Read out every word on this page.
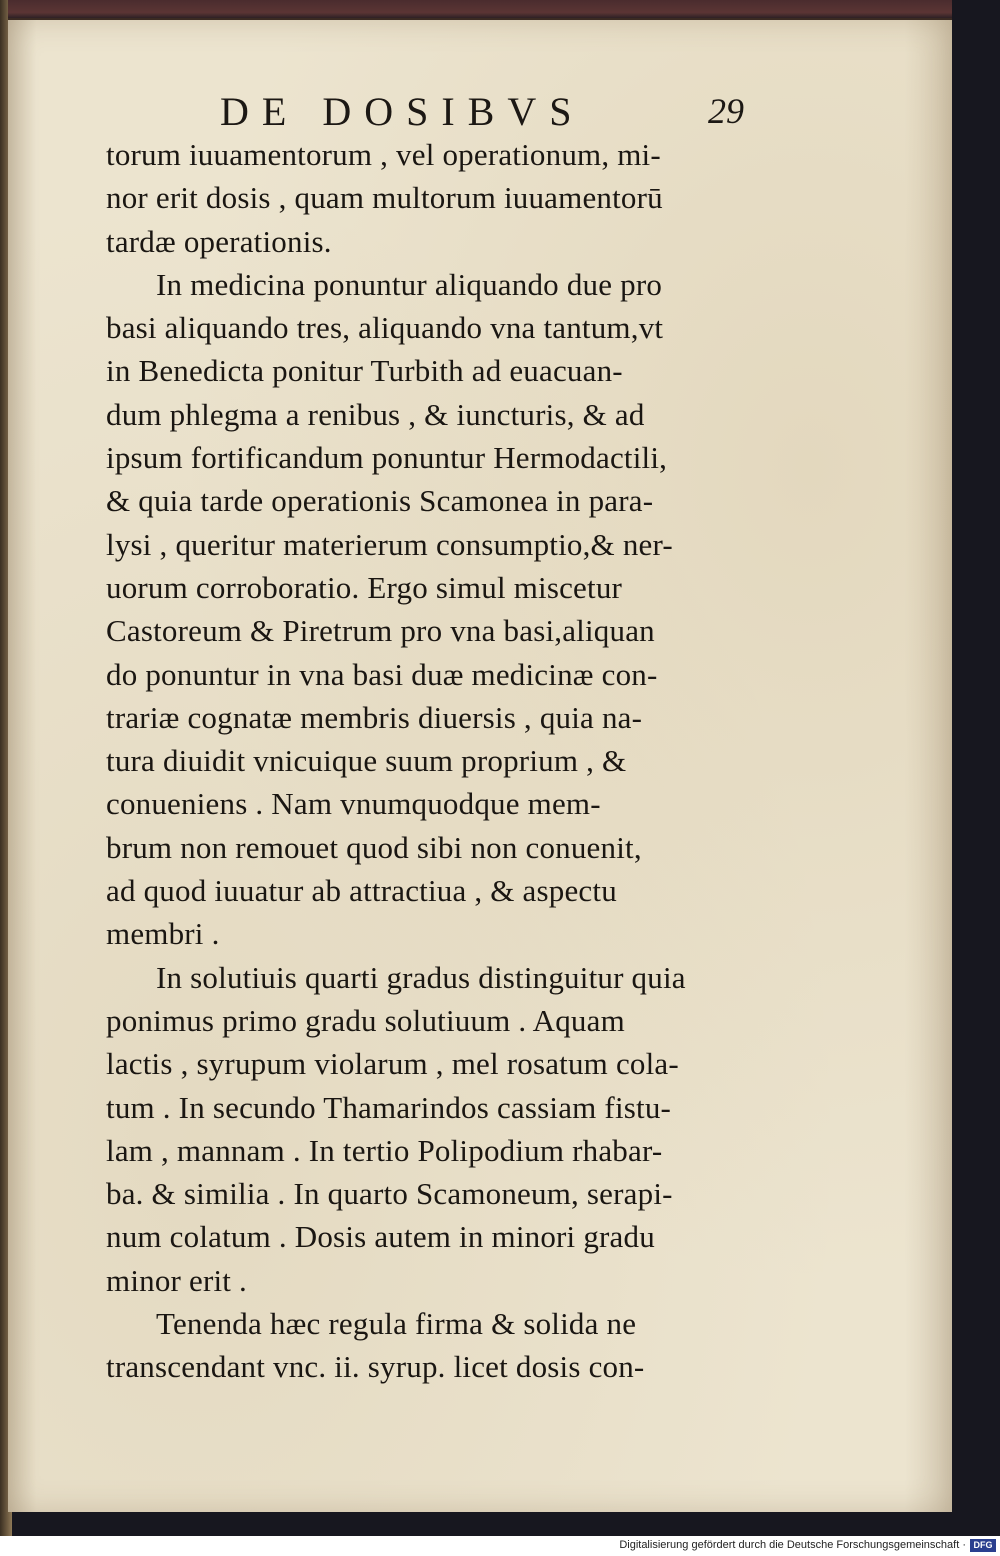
DE DOSIBVS	29
torum iuuamentorum , vel operationum, mi-
nor erit dosis , quam multorum iuuamentorū
tardæ operationis.
In medicina ponuntur aliquando due pro
basi aliquando tres, aliquando vna tantum,vt
in Benedicta ponitur Turbith ad euacuan-
dum phlegma a renibus , & iuncturis, & ad
ipsum fortificandum ponuntur Hermodactili,
& quia tarde operationis Scamonea in para-
lysi , queritur materierum consumptio,& ner-
uorum corroboratio. Ergo simul miscetur
Castoreum & Piretrum pro vna basi,aliquan
do ponuntur in vna basi duæ medicinæ con-
trariæ cognatæ membris diuersis , quia na-
tura diuidit vnicuique suum proprium , &
conueniens . Nam vnumquodque mem-
brum non remouet quod sibi non conuenit,
ad quod iuuatur ab attractiua , & aspectu
membri .
In solutiuis quarti gradus distinguitur quia
ponimus primo gradu solutiuum . Aquam
lactis , syrupum violarum , mel rosatum cola-
tum . In secundo Thamarindos cassiam fistu-
lam , mannam . In tertio Polipodium rhabar-
ba. & similia . In quarto Scamoneum, serapi-
num colatum . Dosis autem in minori gradu
minor erit .
Tenenda hæc regula firma & solida ne
transcendant vnc. ii. syrup. licet dosis con-
Digitalisierung gefördert durch die Deutsche Forschungsgemeinschaft · DFG
